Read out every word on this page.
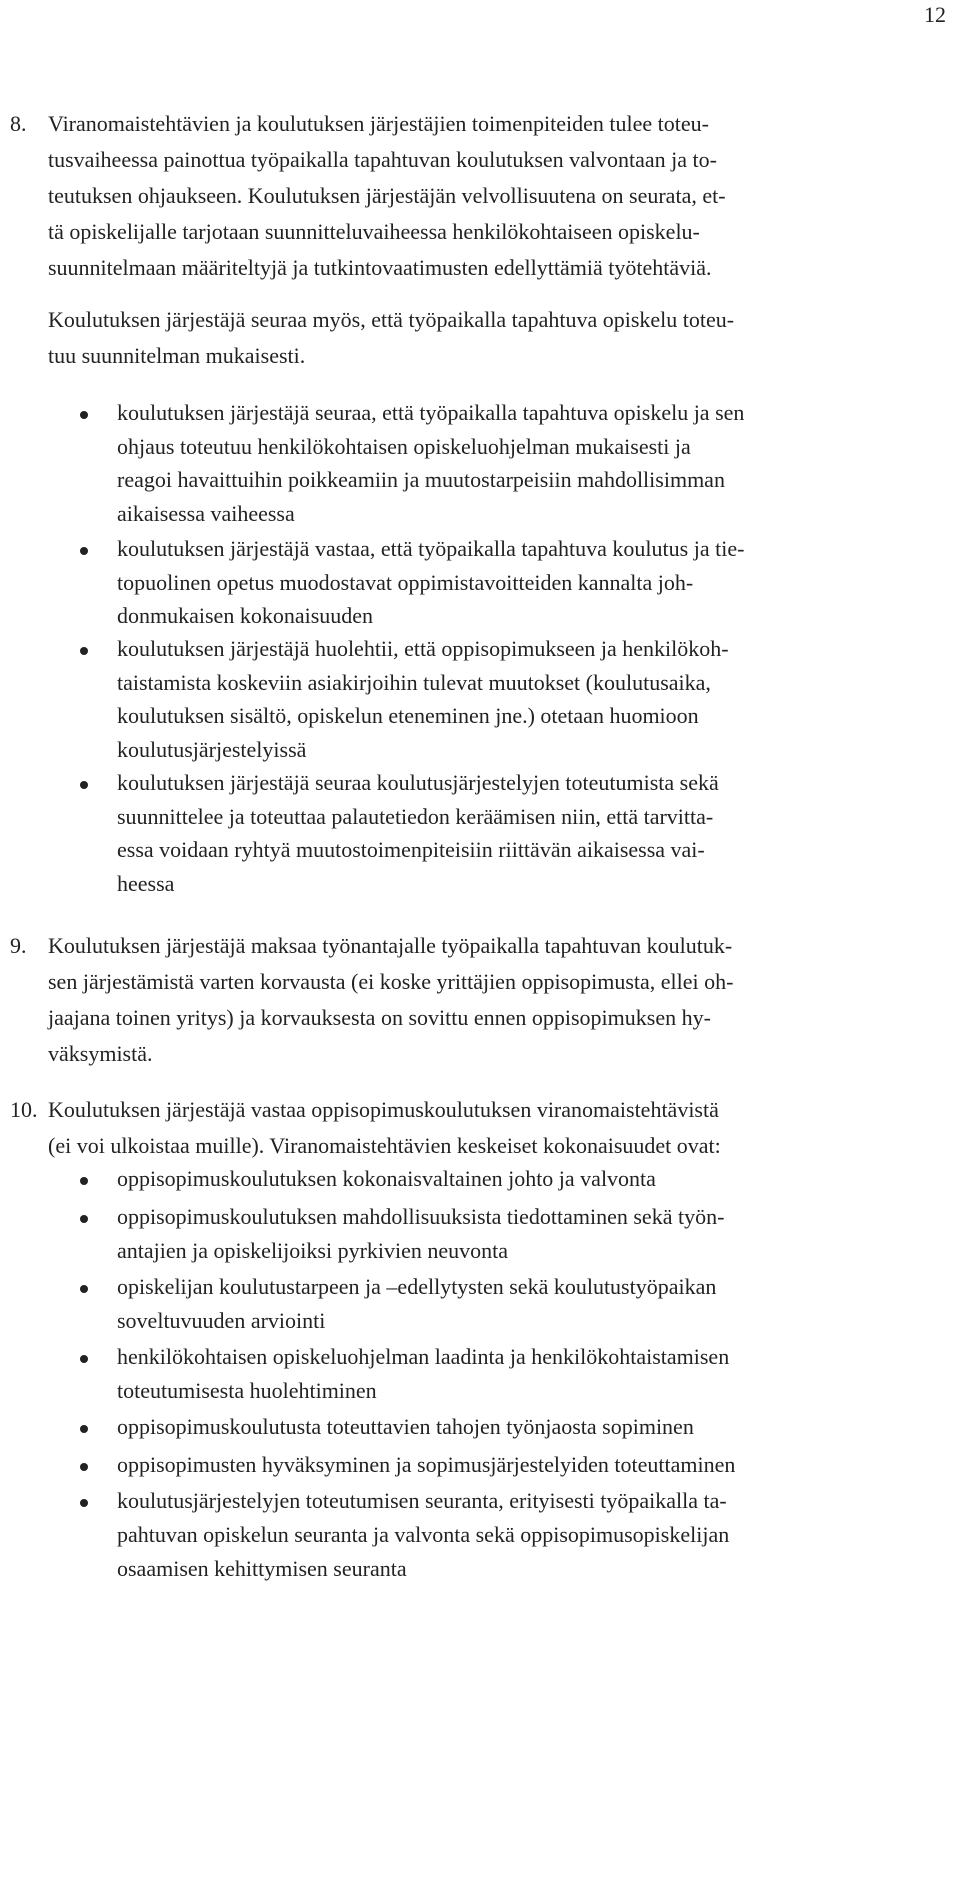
12
8. Viranomaistehtävien ja koulutuksen järjestäjien toimenpiteiden tulee toteu-
tusvaiheessa painottua työpaikalla tapahtuvan koulutuksen valvontaan ja to-
teutuksen ohjaukseen. Koulutuksen järjestäjän velvollisuutena on seurata, et-
tä opiskelijalle tarjotaan suunnitteluvaiheessa henkilökohtaiseen opiskelu-
suunnitelmaan määriteltyjä ja tutkintovaatimusten edellyttämiä työtehtäviä.
Koulutuksen järjestäjä seuraa myös, että työpaikalla tapahtuva opiskelu toteu-
tuu suunnitelman mukaisesti.
koulutuksen järjestäjä seuraa, että työpaikalla tapahtuva opiskelu ja sen
ohjaus toteutuu henkilökohtaisen opiskeluohjelman mukaisesti ja
reagoi havaittuihin poikkeamiin ja muutostarpeisiin mahdollisimman
aikaisessa vaiheessa
koulutuksen järjestäjä vastaa, että työpaikalla tapahtuva koulutus ja tie-
topuolinen opetus muodostavat oppimistavoitteiden kannalta joh-
donmukaisen kokonaisuuden
koulutuksen järjestäjä huolehtii, että oppisopimukseen ja henkilökoh-
taistamista koskeviin asiakirjoihin tulevat muutokset (koulutusaika,
koulutuksen sisältö, opiskelun eteneminen jne.) otetaan huomioon
koulutusjärjestelyissä
koulutuksen järjestäjä seuraa koulutusjärjestelyjen toteutumista sekä
suunnittelee ja toteuttaa palautetiedon keräämisen niin, että tarvitta-
essa voidaan ryhtyä muutostoimenpiteisiin riittävän aikaisessa vai-
heessa
9. Koulutuksen järjestäjä maksaa työnantajalle työpaikalla tapahtuvan koulutuk-
sen järjestämistä varten korvausta (ei koske yrittäjien oppisopimusta, ellei oh-
jaajana toinen yritys) ja korvauksesta on sovittu ennen oppisopimuksen hy-
väksymistä.
10. Koulutuksen järjestäjä vastaa oppisopimuskoulutuksen viranomaistehtävistä
(ei voi ulkoistaa muille). Viranomaistehtävien keskeiset kokonaisuudet ovat:
oppisopimuskoulutuksen kokonaisvaltainen johto ja valvonta
oppisopimuskoulutuksen mahdollisuuksista tiedottaminen sekä työn-
antajien ja opiskelijoiksi pyrkivien neuvonta
opiskelijan koulutustarpeen ja –edellytysten sekä koulutustyöpaikan
soveltuvuuden arviointi
henkilökohtaisen opiskeluohjelman laadinta ja henkilökohtaistamisen
toteutumisesta huolehtiminen
oppisopimuskoulutusta toteuttavien tahojen työnjaosta sopiminen
oppisopimusten hyväksyminen ja sopimusjärjestelyiden toteuttaminen
koulutusjärjestelyjen toteutumisen seuranta, erityisesti työpaikalla ta-
pahtuvan opiskelun seuranta ja valvonta sekä oppisopimusopiskelijan
osaamisen kehittymisen seuranta
